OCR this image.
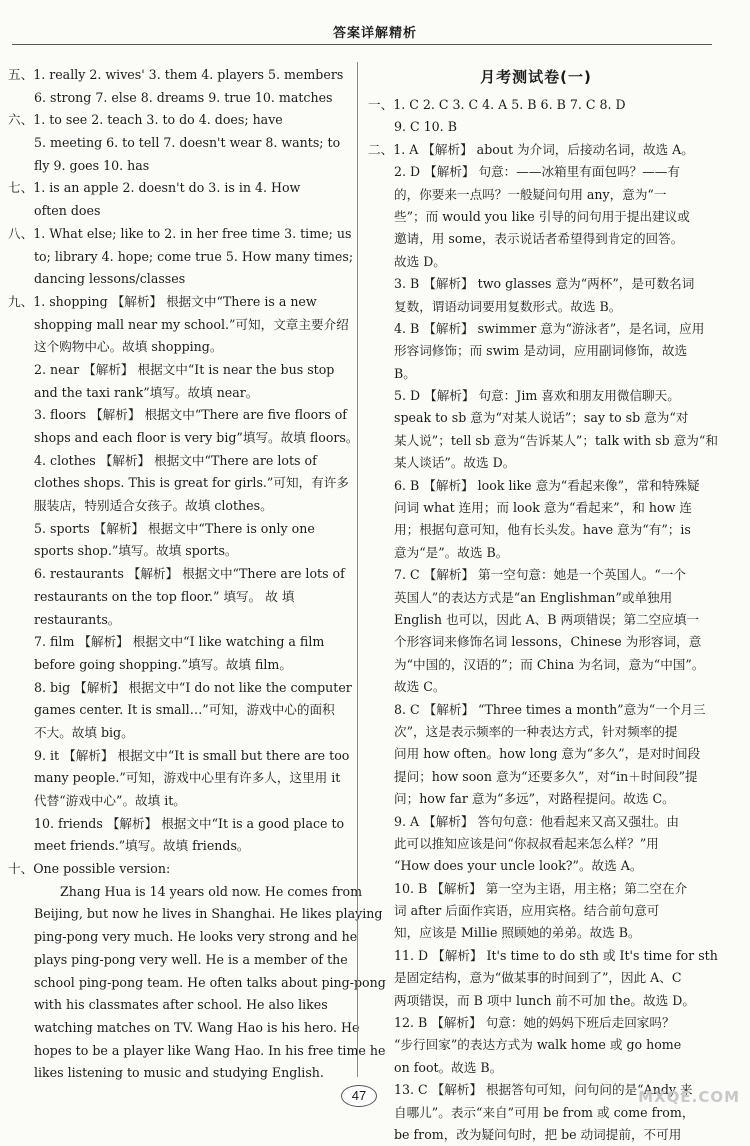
答案详解精析
五、1. really 2. wives' 3. them 4. players 5. members
6. strong 7. else 8. dreams 9. true 10. matches
六、1. to see 2. teach 3. to do 4. does; have
5. meeting 6. to tell 7. doesn't wear 8. wants; to
fly 9. goes 10. has
七、1. is an apple 2. doesn't do 3. is in 4. How
often does
八、1. What else; like to 2. in her free time 3. time; us
to; library 4. hope; come true 5. How many times;
dancing lessons/classes
九、1. shopping 【解析】 根据文中“There is a new
shopping mall near my school.”可知，文章主要介绍
这个购物中心。故填 shopping。
2. near 【解析】 根据文中“It is near the bus stop
and the taxi rank”填写。故填 near。
3. floors 【解析】 根据文中“There are five floors of
shops and each floor is very big”填写。故填 floors。
4. clothes 【解析】 根据文中“There are lots of
clothes shops. This is great for girls.”可知，有许多
服装店，特别适合女孩子。故填 clothes。
5. sports 【解析】 根据文中“There is only one
sports shop.”填写。故填 sports。
6. restaurants 【解析】 根据文中“There are lots of
restaurants on the top floor.” 填写。 故 填
restaurants。
7. film 【解析】 根据文中“I like watching a film
before going shopping.”填写。故填 film。
8. big 【解析】 根据文中“I do not like the computer
games center. It is small…”可知，游戏中心的面积
不大。故填 big。
9. it 【解析】 根据文中“It is small but there are too
many people.”可知，游戏中心里有许多人，这里用 it
代替“游戏中心”。故填 it。
10. friends 【解析】 根据文中“It is a good place to
meet friends.”填写。故填 friends。
十、One possible version:
Zhang Hua is 14 years old now. He comes from
Beijing, but now he lives in Shanghai. He likes playing
ping-pong very much. He looks very strong and he
plays ping-pong very well. He is a member of the
school ping-pong team. He often talks about ping-pong
with his classmates after school. He also likes
watching matches on TV. Wang Hao is his hero. He
hopes to be a player like Wang Hao. In his free time he
likes listening to music and studying English.
月考测试卷(一)
一、1. C 2. C 3. C 4. A 5. B 6. B 7. C 8. D
9. C 10. B
二、1. A 【解析】 about 为介词，后接动名词，故选 A。
2. D 【解析】 句意：——冰箱里有面包吗？——有
的，你要来一点吗？一般疑问句用 any，意为“一
些”；而 would you like 引导的问句用于提出建议或
邀请，用 some，表示说话者希望得到肯定的回答。
故选 D。
3. B 【解析】 two glasses 意为“两杯”，是可数名词
复数，谓语动词要用复数形式。故选 B。
4. B 【解析】 swimmer 意为“游泳者”，是名词，应用
形容词修饰；而 swim 是动词，应用副词修饰，故选
B。
5. D 【解析】 句意：Jim 喜欢和朋友用微信聊天。
speak to sb 意为“对某人说话”；say to sb 意为“对
某人说”；tell sb 意为“告诉某人”；talk with sb 意为“和
某人谈话”。故选 D。
6. B 【解析】 look like 意为“看起来像”，常和特殊疑
问词 what 连用；而 look 意为“看起来”，和 how 连
用；根据句意可知，他有长头发。have 意为“有”；is
意为“是”。故选 B。
7. C 【解析】 第一空句意：她是一个英国人。“一个
英国人”的表达方式是“an Englishman”或单独用
English 也可以，因此 A、B 两项错误；第二空应填一
个形容词来修饰名词 lessons，Chinese 为形容词，意
为“中国的，汉语的”；而 China 为名词，意为“中国”。
故选 C。
8. C 【解析】 “Three times a month”意为“一个月三
次”，这是表示频率的一种表达方式，针对频率的提
问用 how often。how long 意为“多久”，是对时间段
提问；how soon 意为“还要多久”，对“in＋时间段”提
问；how far 意为“多远”，对路程提问。故选 C。
9. A 【解析】 答句句意：他看起来又高又强壮。由
此可以推知应该是问“你叔叔看起来怎么样？”用
“How does your uncle look?”。故选 A。
10. B 【解析】 第一空为主语，用主格；第二空在介
词 after 后面作宾语，应用宾格。结合前句意可
知，应该是 Millie 照顾她的弟弟。故选 B。
11. D 【解析】 It's time to do sth 或 It's time for sth
是固定结构，意为“做某事的时间到了”，因此 A、C
两项错误，而 B 项中 lunch 前不可加 the。故选 D。
12. B 【解析】 句意：她的妈妈下班后走回家吗？
“步行回家”的表达方式为 walk home 或 go home
on foot。故选 B。
13. C 【解析】 根据答句可知，问句问的是“Andy 来
自哪儿”。表示“来自”可用 be from 或 come from，
be from，改为疑问句时，把 be 动词提前，不可用
47	MXQE.COM
